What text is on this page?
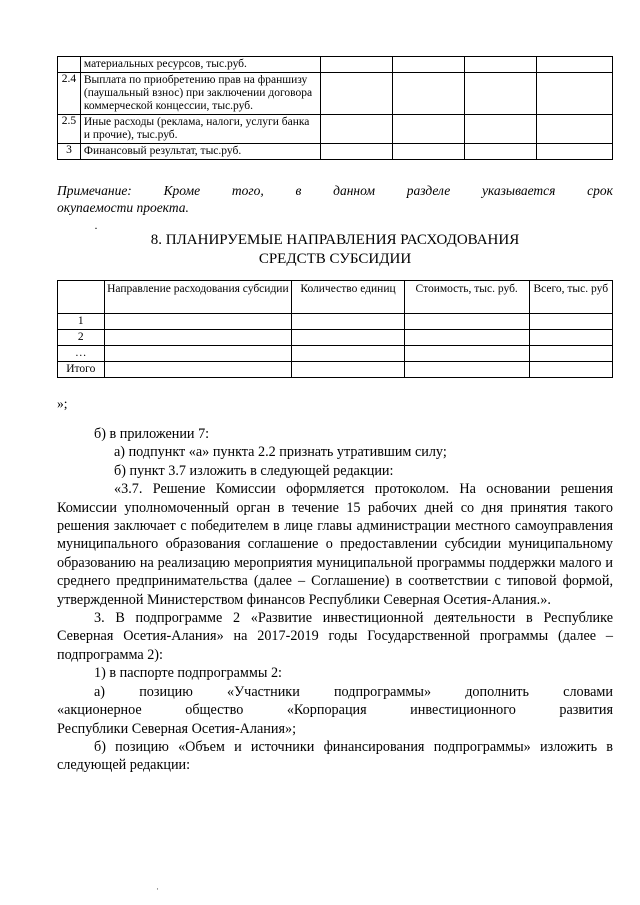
	материальных ресурсов, тыс.руб.				
2.4	Выплата по приобретению прав на франшизу (паушальный взнос) при заключении договора коммерческой концессии, тыс.руб.				
2.5	Иные расходы (реклама, налоги, услуги банка и прочие), тыс.руб.				
3	Финансовый результат, тыс.руб.				
Примечание: Кроме того, в данном разделе указывается срок
окупаемости проекта.
·
8. ПЛАНИРУЕМЫЕ НАПРАВЛЕНИЯ РАСХОДОВАНИЯ
СРЕДСТВ СУБСИДИИ
	Направление расходования субсидии	Количество единиц	Стоимость, тыс. руб.	Всего, тыс. руб
1				
2				
…				
Итого				
»;

б) в приложении 7:

а) подпункт «а» пункта 2.2 признать утратившим силу;

б) пункт 3.7 изложить в следующей редакции:

«3.7. Решение Комиссии оформляется протоколом. На основании решения Комиссии уполномоченный орган в течение 15 рабочих дней со дня принятия такого решения заключает с победителем в лице главы администрации местного самоуправления муниципального образования соглашение о предоставлении субсидии муниципальному образованию на реализацию мероприятия муниципальной программы поддержки малого и среднего предпринимательства (далее – Соглашение) в соответствии с типовой формой, утвержденной Министерством финансов Республики Северная Осетия-Алания.».

3. В подпрограмме 2 «Развитие инвестиционной деятельности в Республике Северная Осетия-Алания» на 2017-2019 годы Государственной программы (далее – подпрограмма 2):

1) в паспорте подпрограммы 2:

а) позицию «Участники подпрограммы» дополнить словами
«акционерное	общество	«Корпорация	инвестиционного	развития

Республики Северная Осетия-Алания»;

б) позицию «Объем и источники финансирования подпрограммы» изложить в следующей редакции:

·
